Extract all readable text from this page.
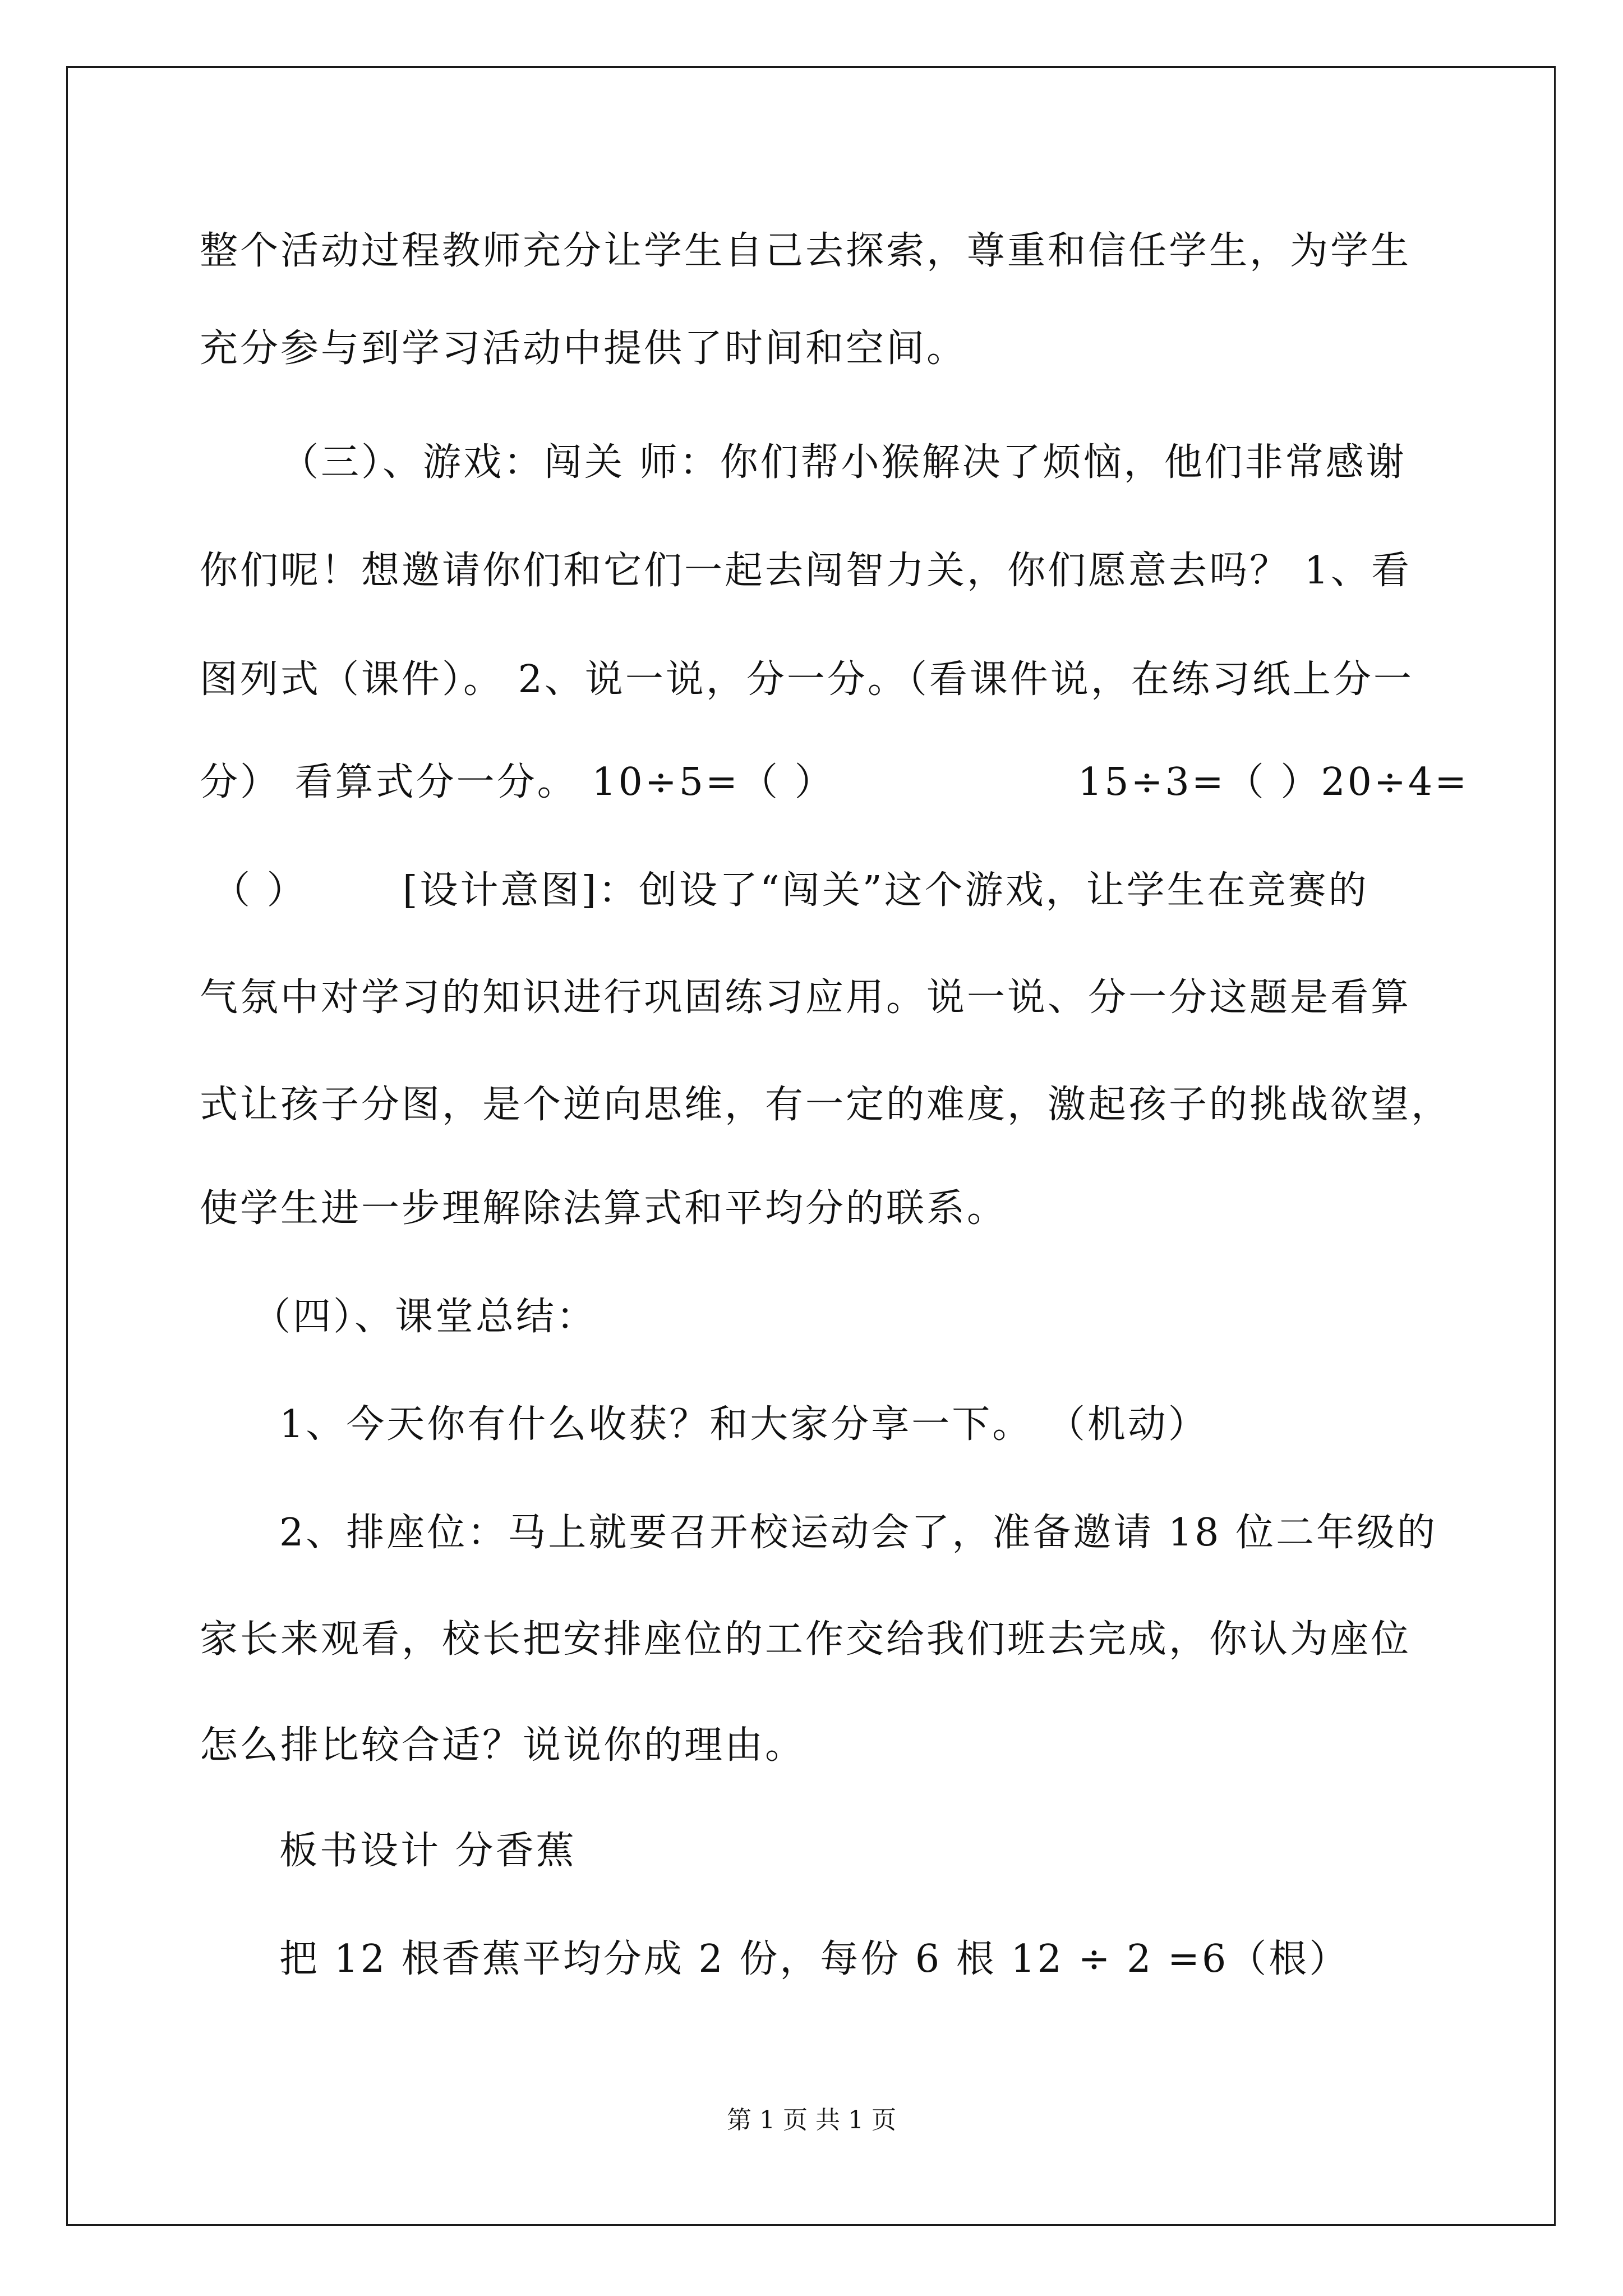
整个活动过程教师充分让学生自己去探索，尊重和信任学生，为学生
充分参与到学习活动中提供了时间和空间。
（三）、游戏：闯关 师：你们帮小猴解决了烦恼，他们非常感谢
你们呢！想邀请你们和它们一起去闯智力关，你们愿意去吗？ 1、看
图列式（课件）。 2、说一说，分一分。（看课件说，在练习纸上分一
分） 看算式分一分。 10÷5=（ ）	15÷3=（ ）20÷4=
（ ）	[设计意图]：创设了“闯关”这个游戏，让学生在竞赛的
气氛中对学习的知识进行巩固练习应用。说一说、分一分这题是看算
式让孩子分图，是个逆向思维，有一定的难度，激起孩子的挑战欲望，
使学生进一步理解除法算式和平均分的联系。
（四）、课堂总结：
1、今天你有什么收获？和大家分享一下。 （机动）
2、排座位：马上就要召开校运动会了，准备邀请 18 位二年级的
家长来观看，校长把安排座位的工作交给我们班去完成，你认为座位
怎么排比较合适？说说你的理由。
板书设计 分香蕉
把 12 根香蕉平均分成 2 份，每份 6 根 12 ÷ 2 =6（根）
第 1 页 共 1 页
